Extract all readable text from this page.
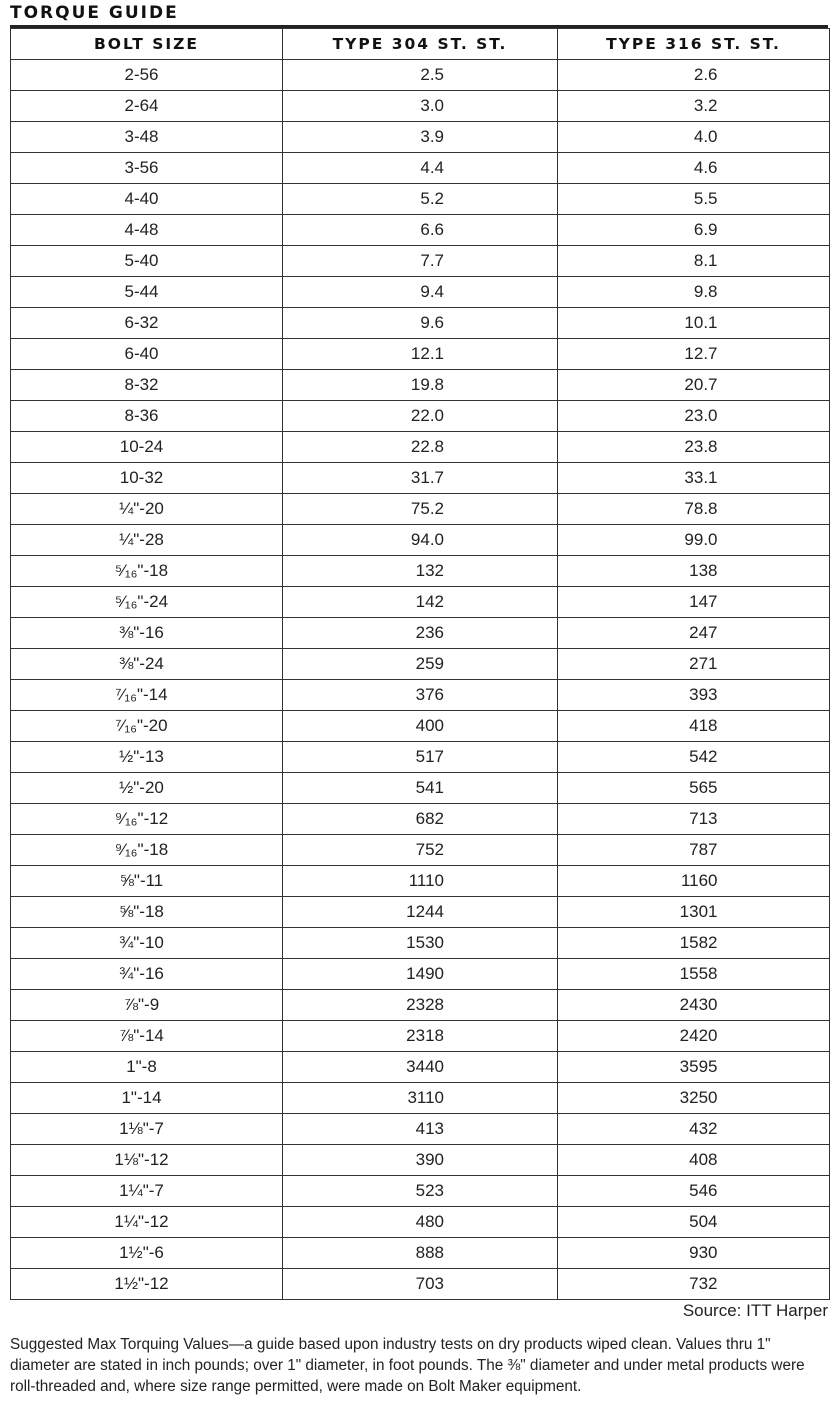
TORQUE GUIDE
BOLT SIZE	TYPE 304 ST. ST.	TYPE 316 ST. ST.
2-56	2.5	2.6
2-64	3.0	3.2
3-48	3.9	4.0
3-56	4.4	4.6
4-40	5.2	5.5
4-48	6.6	6.9
5-40	7.7	8.1
5-44	9.4	9.8
6-32	9.6	10.1
6-40	12.1	12.7
8-32	19.8	20.7
8-36	22.0	23.0
10-24	22.8	23.8
10-32	31.7	33.1
¼"-20	75.2	78.8
¼"-28	94.0	99.0
⁵⁄₁₆"-18	132	138
⁵⁄₁₆"-24	142	147
⅜"-16	236	247
⅜"-24	259	271
⁷⁄₁₆"-14	376	393
⁷⁄₁₆"-20	400	418
½"-13	517	542
½"-20	541	565
⁹⁄₁₆"-12	682	713
⁹⁄₁₆"-18	752	787
⅝"-11	1110	1160
⅝"-18	1244	1301
¾"-10	1530	1582
¾"-16	1490	1558
⅞"-9	2328	2430
⅞"-14	2318	2420
1"-8	3440	3595
1"-14	3110	3250
1⅛"-7	413	432
1⅛"-12	390	408
1¼"-7	523	546
1¼"-12	480	504
1½"-6	888	930
1½"-12	703	732
Source: ITT Harper
Suggested Max Torquing Values—a guide based upon industry tests on dry products wiped clean. Values thru 1" diameter are stated in inch pounds; over 1" diameter, in foot pounds. The ⅜" diameter and under metal products were roll-threaded and, where size range permitted, were made on Bolt Maker equipment.
